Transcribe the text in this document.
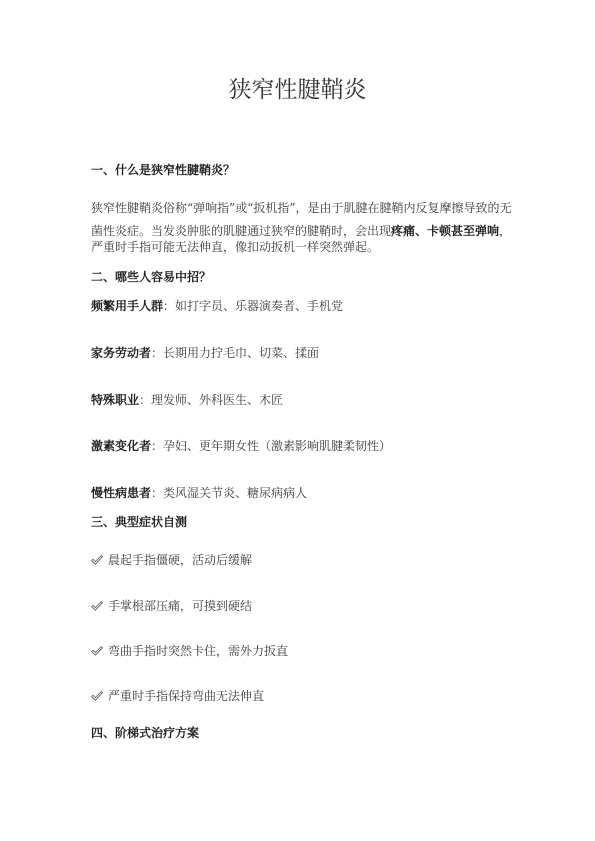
狭窄性腱鞘炎
一、什么是狭窄性腱鞘炎？

狭窄性腱鞘炎俗称“弹响指”或“扳机指”，是由于肌腱在腱鞘内反复摩擦导致的无

菌性炎症。当发炎肿胀的肌腱通过狭窄的腱鞘时，会出现疼痛、卡顿甚至弹响，

严重时手指可能无法伸直，像扣动扳机一样突然弹起。

二、哪些人容易中招？

频繁用手人群：如打字员、乐器演奏者、手机党

家务劳动者：长期用力拧毛巾、切菜、揉面

特殊职业：理发师、外科医生、木匠

激素变化者：孕妇、更年期女性（激素影响肌腱柔韧性）

慢性病患者：类风湿关节炎、糖尿病病人

三、典型症状自测
晨起手指僵硬，活动后缓解
手掌根部压痛，可摸到硬结
弯曲手指时突然卡住，需外力扳直
严重时手指保持弯曲无法伸直
四、阶梯式治疗方案
